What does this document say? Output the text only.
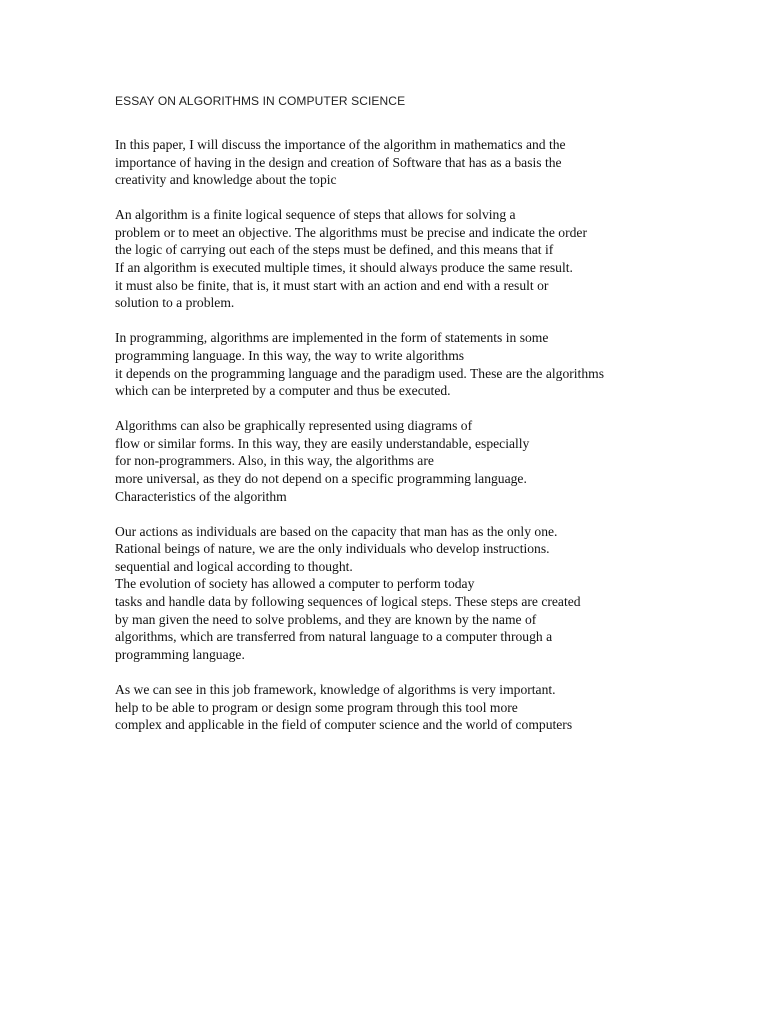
ESSAY ON ALGORITHMS IN COMPUTER SCIENCE

In this paper, I will discuss the importance of the algorithm in mathematics and the
importance of having in the design and creation of Software that has as a basis the
creativity and knowledge about the topic

An algorithm is a finite logical sequence of steps that allows for solving a
problem or to meet an objective. The algorithms must be precise and indicate the order
the logic of carrying out each of the steps must be defined, and this means that if
If an algorithm is executed multiple times, it should always produce the same result.
it must also be finite, that is, it must start with an action and end with a result or
solution to a problem.

In programming, algorithms are implemented in the form of statements in some
programming language. In this way, the way to write algorithms
it depends on the programming language and the paradigm used. These are the algorithms
which can be interpreted by a computer and thus be executed.

Algorithms can also be graphically represented using diagrams of
flow or similar forms. In this way, they are easily understandable, especially
for non-programmers. Also, in this way, the algorithms are
more universal, as they do not depend on a specific programming language.
Characteristics of the algorithm

Our actions as individuals are based on the capacity that man has as the only one.
Rational beings of nature, we are the only individuals who develop instructions.
sequential and logical according to thought.
The evolution of society has allowed a computer to perform today
tasks and handle data by following sequences of logical steps. These steps are created
by man given the need to solve problems, and they are known by the name of
algorithms, which are transferred from natural language to a computer through a
programming language.

As we can see in this job framework, knowledge of algorithms is very important.
help to be able to program or design some program through this tool more
complex and applicable in the field of computer science and the world of computers
